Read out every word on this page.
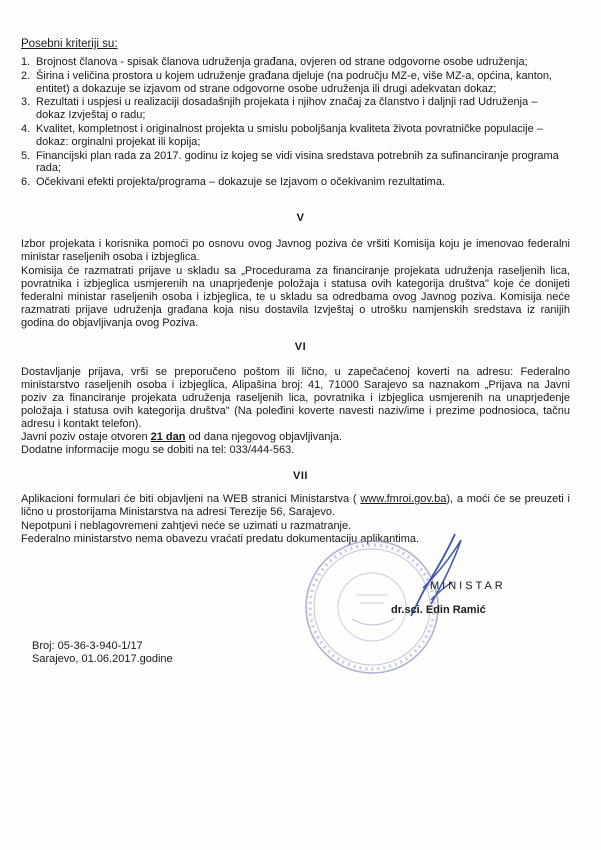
Posebni kriteriji su:
1. Brojnost članova - spisak članova udruženja građana, ovjeren od strane odgovorne osobe udruženja;
2. Širina i veličina prostora u kojem udruženje građana djeluje (na području MZ-e, više MZ-a, općina, kanton, entitet) a dokazuje se izjavom od strane odgovorne osobe udruženja ili drugi adekvatan dokaz;
3. Rezultati i uspjesi u realizaciji dosadašnjih projekata i njihov značaj za članstvo i daljnji rad Udruženja – dokaz Izvještaj o radu;
4. Kvalitet, kompletnost i originalnost projekta u smislu poboljšanja kvaliteta života povratničke populacije – dokaz: orginalni projekat ili kopija;
5. Financijski plan rada za 2017. godinu iz kojeg se vidi visina sredstava potrebnih za sufinanciranje programa rada;
6. Očekivani efekti projekta/programa – dokazuje se Izjavom o očekivanim rezultatima.
V

Izbor projekata i korisnika pomoći po osnovu ovog Javnog poziva će vršiti Komisija koju je imenovao federalni ministar raseljenih osoba i izbjeglica.

Komisija će razmatrati prijave u skladu sa „Procedurama za financiranje projekata udruženja raseljenih lica, povratnika i izbjeglica usmjerenih na unaprjeđenje položaja i statusa ovih kategorija društva" koje će donijeti federalni ministar raseljenih osoba i izbjeglica, te u skladu sa odredbama ovog Javnog poziva. Komisija neće razmatrati prijave udruženja građana koja nisu dostavila Izvještaj o utrošku namjenskih sredstava iz ranijih godina do objavljivanja ovog Poziva.

VI

Dostavljanje prijava, vrši se preporučeno poštom ili lično, u zapečaćenoj koverti na adresu: Federalno ministarstvo raseljenih osoba i izbjeglica, Alipašina broj: 41, 71000 Sarajevo sa naznakom „Prijava na Javni poziv za financiranje projekata udruženja raseljenih lica, povratnika i izbjeglica usmjerenih na unaprjeđenje položaja i statusa ovih kategorija društva" (Na poleđini koverte navesti naziv/ime i prezime podnosioca, tačnu adresu i kontakt telefon).

Javni poziv ostaje otvoren 21 dan od dana njegovog objavljivanja.

Dodatne informacije mogu se dobiti na tel: 033/444-563.

VII

Aplikacioni formulari će biti objavljeni na WEB stranici Ministarstva ( www.fmroi.gov.ba), a moći će se preuzeti i lično u prostorijama Ministarstva na adresi Terezije 56, Sarajevo.

Nepotpuni i neblagovremeni zahtjevi neće se uzimati u razmatranje.

Federalno ministarstvo nema obavezu vraćati predatu dokumentaciju aplikantima.

MINISTAR
dr.sci. Edin Ramić
Broj: 05-36-3-940-1/17
Sarajevo, 01.06.2017.godine
